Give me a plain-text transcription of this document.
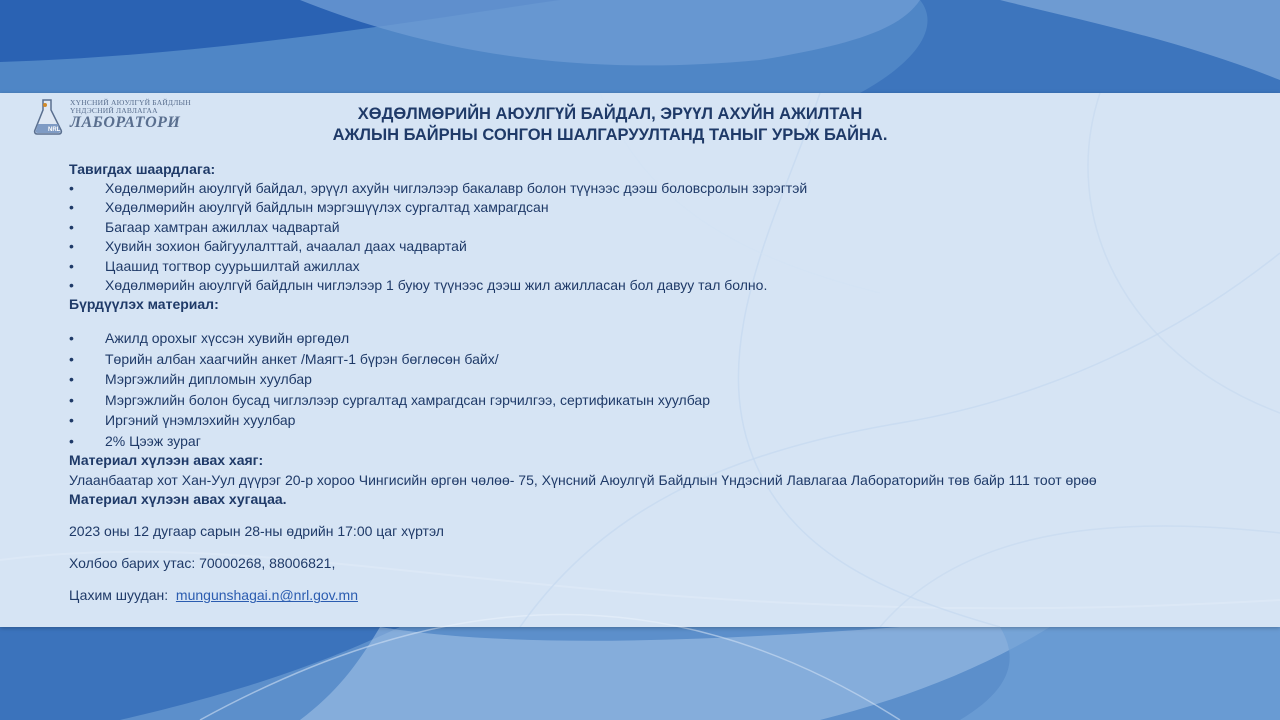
NRL
ХҮНСНИЙ АЮУЛГҮЙ БАЙДЛЫН
ҮНДЭСНИЙ ЛАВЛАГАА
ЛАБОРАТОРИ	ХӨДӨЛМӨРИЙН АЮУЛГҮЙ БАЙДАЛ, ЭРҮҮЛ АХУЙН АЖИЛТАН
АЖЛЫН БАЙРНЫ СОНГОН ШАЛГАРУУЛТАНД ТАНЫГ УРЬЖ БАЙНА.
Тавигдах шаардлага:
• Хөдөлмөрийн аюулгүй байдал, эрүүл ахуйн чиглэлээр бакалавр болон түүнээс дээш боловсролын зэрэгтэй
• Хөдөлмөрийн аюулгүй байдлын мэргэшүүлэх сургалтад хамрагдсан
• Багаар хамтран ажиллах чадвартай
• Хувийн зохион байгуулалттай, ачаалал даах чадвартай
• Цаашид тогтвор суурьшилтай ажиллах
• Хөдөлмөрийн аюулгүй байдлын чиглэлээр 1 буюу түүнээс дээш жил ажилласан бол давуу тал болно.
Бүрдүүлэх материал:
• Ажилд орохыг хүссэн хувийн өргөдөл
• Төрийн албан хаагчийн анкет /Маягт-1 бүрэн бөглөсөн байх/
• Мэргэжлийн дипломын хуулбар
• Мэргэжлийн болон бусад чиглэлээр сургалтад хамрагдсан гэрчилгээ, сертификатын хуулбар
• Иргэний үнэмлэхийн хуулбар
• 2% Цээж зураг
Материал хүлээн авах хаяг:
Улаанбаатар хот Хан-Уул дүүрэг 20-р хороо Чингисийн өргөн чөлөө- 75, Хүнсний Аюулгүй Байдлын Үндэсний Лавлагаа Лабораторийн төв байр 111 тоот өрөө
Материал хүлээн авах хугацаа.
2023 оны 12 дугаар сарын 28-ны өдрийн 17:00 цаг хүртэл
Холбоо барих утас: 70000268, 88006821,
Цахим шуудан: mungunshagai.n@nrl.gov.mn
